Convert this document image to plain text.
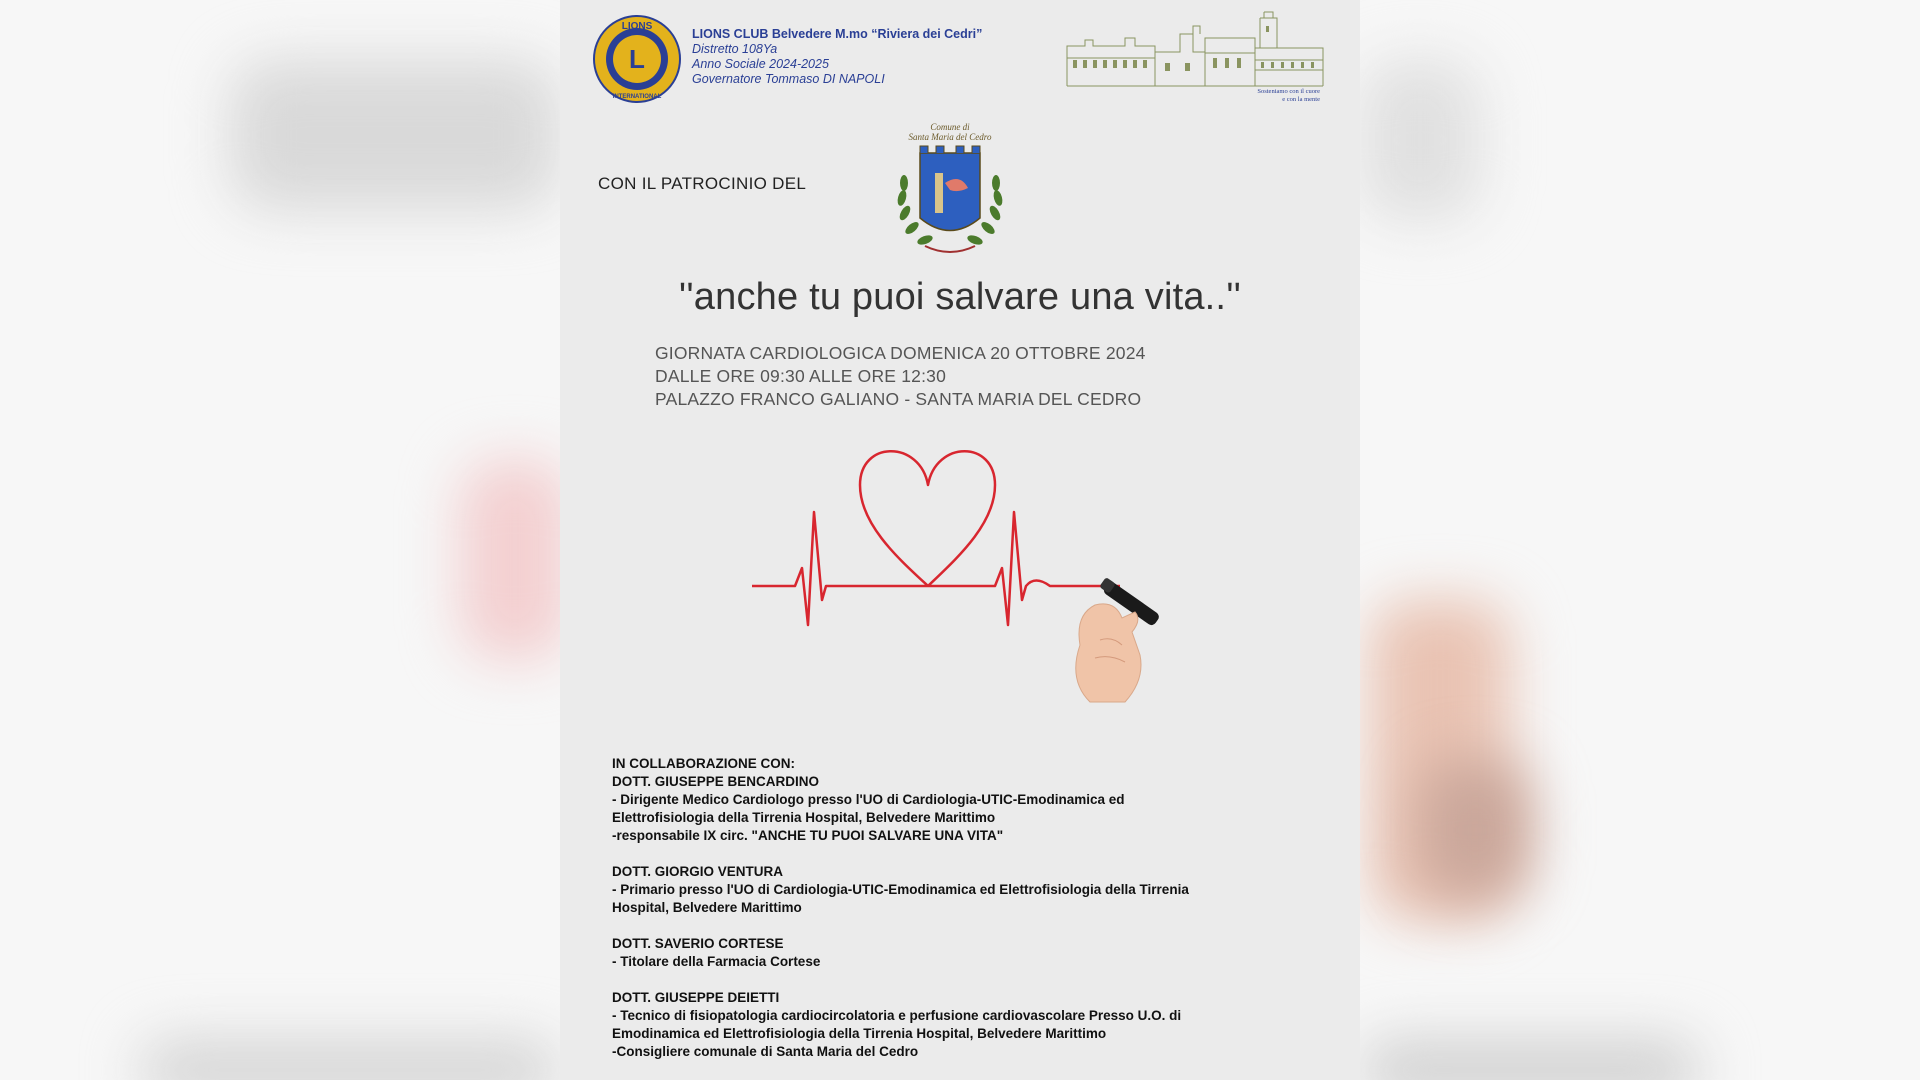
L
LIONS
INTERNATIONAL
LIONS CLUB Belvedere M.mo “Riviera dei Cedri”
Distretto 108Ya
Anno Sociale 2024-2025
Governatore Tommaso DI NAPOLI
Sosteniamo con il cuore
e con la mente
CON IL PATROCINIO DEL
Comune di
Santa Maria del Cedro
''anche tu puoi salvare una vita..''
GIORNATA CARDIOLOGICA DOMENICA 20 OTTOBRE 2024
DALLE ORE 09:30 ALLE ORE 12:30
PALAZZO FRANCO GALIANO - SANTA MARIA DEL CEDRO
IN COLLABORAZIONE CON:
DOTT. GIUSEPPE BENCARDINO
- Dirigente Medico Cardiologo presso l'UO di Cardiologia-UTIC-Emodinamica ed
Elettrofisiologia della Tirrenia Hospital, Belvedere Marittimo
-responsabile IX circ. "ANCHE TU PUOI SALVARE UNA VITA"
DOTT. GIORGIO VENTURA
- Primario presso l'UO di Cardiologia-UTIC-Emodinamica ed Elettrofisiologia della Tirrenia
Hospital, Belvedere Marittimo
DOTT. SAVERIO CORTESE
- Titolare della Farmacia Cortese
DOTT. GIUSEPPE DEIETTI
- Tecnico di fisiopatologia cardiocircolatoria e perfusione cardiovascolare Presso U.O. di
Emodinamica ed Elettrofisiologia della Tirrenia Hospital, Belvedere Marittimo
-Consigliere comunale di Santa Maria del Cedro
